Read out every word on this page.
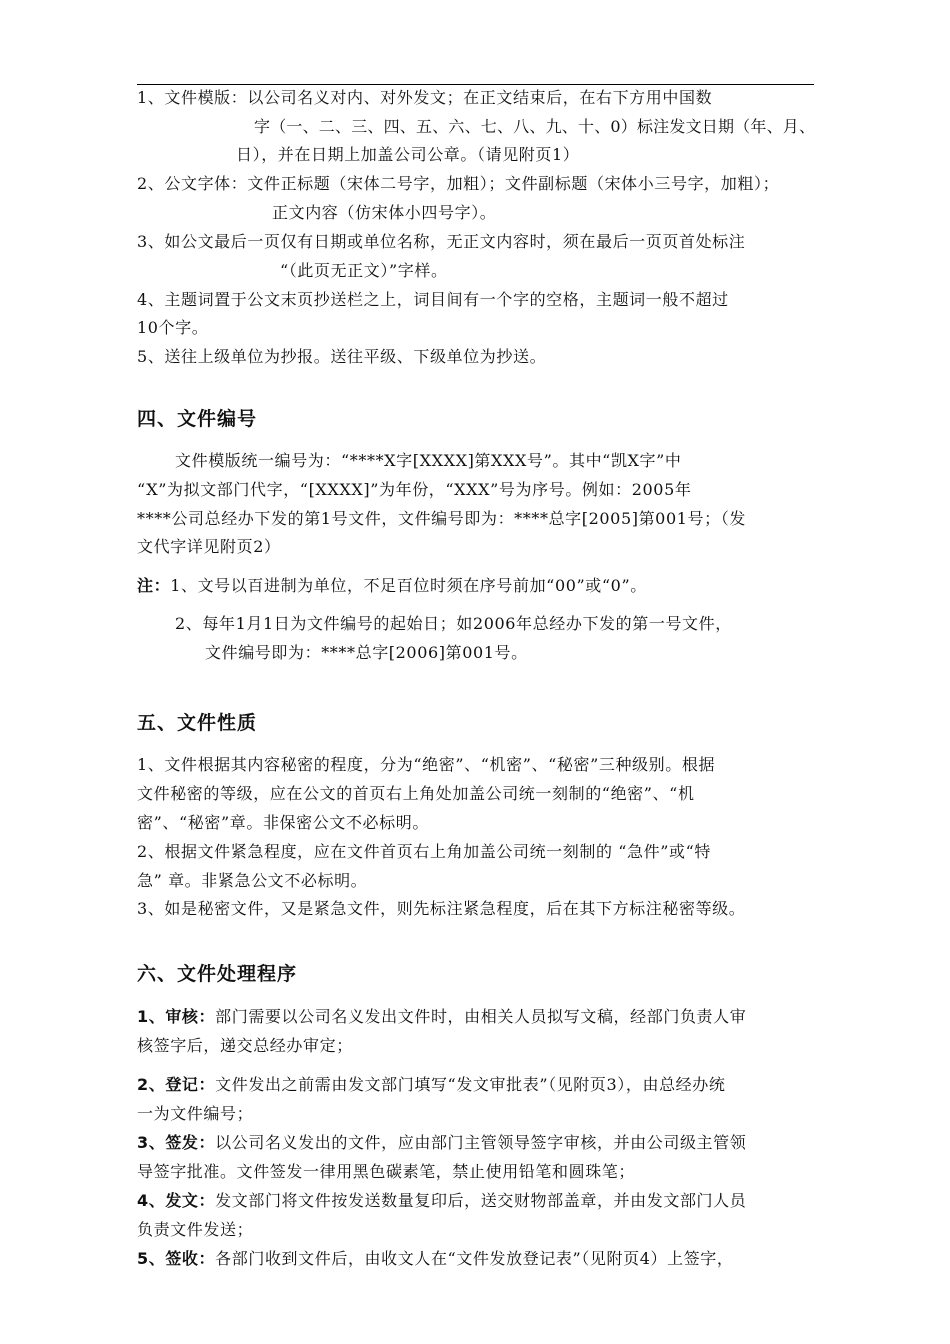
1、文件模版：以公司名义对内、对外发文；在正文结束后，在右下方用中国数
字（一、二、三、四、五、六、七、八、九、十、0）标注发文日期（年、月、
日），并在日期上加盖公司公章。（请见附页1）
2、公文字体：文件正标题（宋体二号字，加粗）；文件副标题（宋体小三号字，加粗）；
正文内容（仿宋体小四号字）。
3、如公文最后一页仅有日期或单位名称，无正文内容时，须在最后一页页首处标注
“（此页无正文）”字样。
4、主题词置于公文末页抄送栏之上，词目间有一个字的空格，主题词一般不超过
10个字。
5、送往上级单位为抄报。送往平级、下级单位为抄送。
四、文件编号
文件模版统一编号为：“****X字[XXXX]第XXX号”。其中“凯X字”中
“X”为拟文部门代字，“[XXXX]”为年份，“XXX”号为序号。例如：2005年
****公司总经办下发的第1号文件，文件编号即为：****总字[2005]第001号；（发
文代字详见附页2）
注：1、文号以百进制为单位，不足百位时须在序号前加“00”或“0”。
2、每年1月1日为文件编号的起始日；如2006年总经办下发的第一号文件，
文件编号即为：****总字[2006]第001号。
五、文件性质
1、文件根据其内容秘密的程度，分为“绝密”、“机密”、“秘密”三种级别。根据
文件秘密的等级，应在公文的首页右上角处加盖公司统一刻制的“绝密”、“机
密”、“秘密”章。非保密公文不必标明。
2、根据文件紧急程度，应在文件首页右上角加盖公司统一刻制的 “急件”或“特
急” 章。非紧急公文不必标明。
3、如是秘密文件，又是紧急文件，则先标注紧急程度，后在其下方标注秘密等级。
六、文件处理程序
1、审核：部门需要以公司名义发出文件时，由相关人员拟写文稿，经部门负责人审
核签字后，递交总经办审定；
2、登记：文件发出之前需由发文部门填写“发文审批表”（见附页3），由总经办统
一为文件编号；
3、签发：以公司名义发出的文件，应由部门主管领导签字审核，并由公司级主管领
导签字批准。文件签发一律用黑色碳素笔，禁止使用铅笔和圆珠笔；
4、发文：发文部门将文件按发送数量复印后，送交财物部盖章，并由发文部门人员
负责文件发送；
5、签收：各部门收到文件后，由收文人在“文件发放登记表”（见附页4）上签字，
